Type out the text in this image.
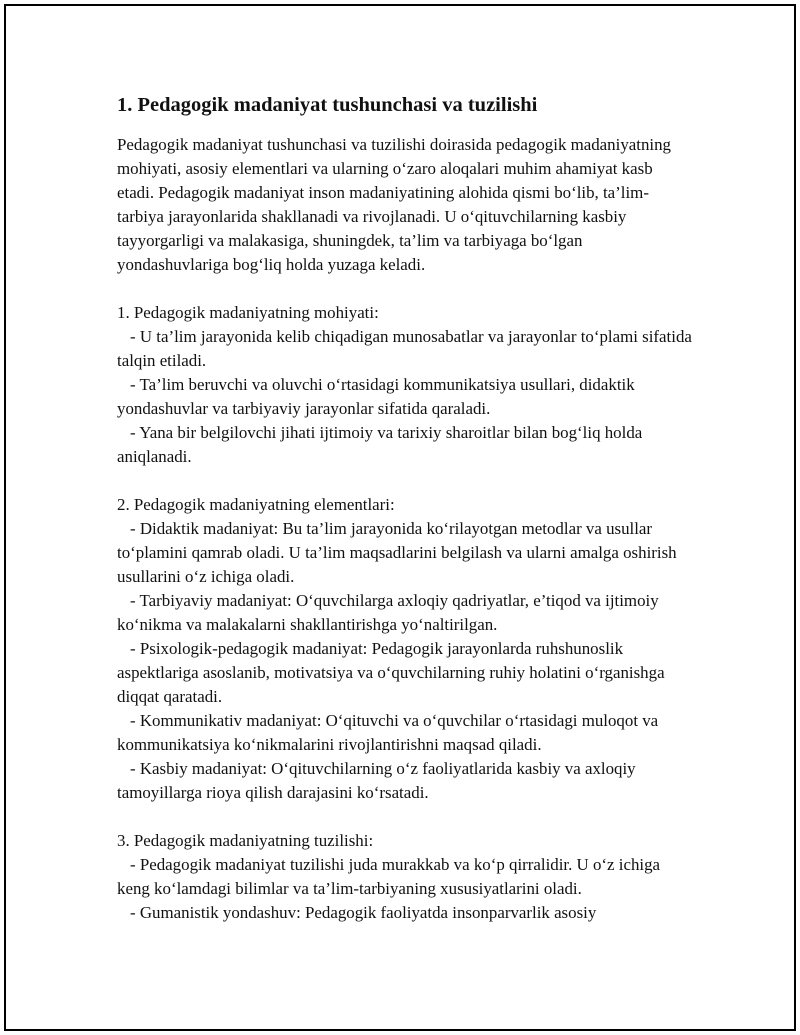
1. Pedagogik madaniyat tushunchasi va tuzilishi

Pedagogik madaniyat tushunchasi va tuzilishi doirasida pedagogik madaniyatning mohiyati, asosiy elementlari va ularning o‘zaro aloqalari muhim ahamiyat kasb etadi. Pedagogik madaniyat inson madaniyatining alohida qismi bo‘lib, ta’lim-tarbiya jarayonlarida shakllanadi va rivojlanadi. U o‘qituvchilarning kasbiy tayyorgarligi va malakasiga, shuningdek, ta’lim va tarbiyaga bo‘lgan yondashuvlariga bog‘liq holda yuzaga keladi.

1. Pedagogik madaniyatning mohiyati:

- U ta’lim jarayonida kelib chiqadigan munosabatlar va jarayonlar to‘plami sifatida talqin etiladi.

- Ta’lim beruvchi va oluvchi o‘rtasidagi kommunikatsiya usullari, didaktik yondashuvlar va tarbiyaviy jarayonlar sifatida qaraladi.

- Yana bir belgilovchi jihati ijtimoiy va tarixiy sharoitlar bilan bog‘liq holda aniqlanadi.

2. Pedagogik madaniyatning elementlari:

- Didaktik madaniyat: Bu ta’lim jarayonida ko‘rilayotgan metodlar va usullar to‘plamini qamrab oladi. U ta’lim maqsadlarini belgilash va ularni amalga oshirish usullarini o‘z ichiga oladi.

- Tarbiyaviy madaniyat: O‘quvchilarga axloqiy qadriyatlar, e’tiqod va ijtimoiy ko‘nikma va malakalarni shakllantirishga yo‘naltirilgan.

- Psixologik-pedagogik madaniyat: Pedagogik jarayonlarda ruhshunoslik aspektlariga asoslanib, motivatsiya va o‘quvchilarning ruhiy holatini o‘rganishga diqqat qaratadi.

- Kommunikativ madaniyat: O‘qituvchi va o‘quvchilar o‘rtasidagi muloqot va kommunikatsiya ko‘nikmalarini rivojlantirishni maqsad qiladi.

- Kasbiy madaniyat: O‘qituvchilarning o‘z faoliyatlarida kasbiy va axloqiy tamoyillarga rioya qilish darajasini ko‘rsatadi.

3. Pedagogik madaniyatning tuzilishi:

- Pedagogik madaniyat tuzilishi juda murakkab va ko‘p qirralidir. U o‘z ichiga keng ko‘lamdagi bilimlar va ta’lim-tarbiyaning xususiyatlarini oladi.

- Gumanistik yondashuv: Pedagogik faoliyatda insonparvarlik asosiy
